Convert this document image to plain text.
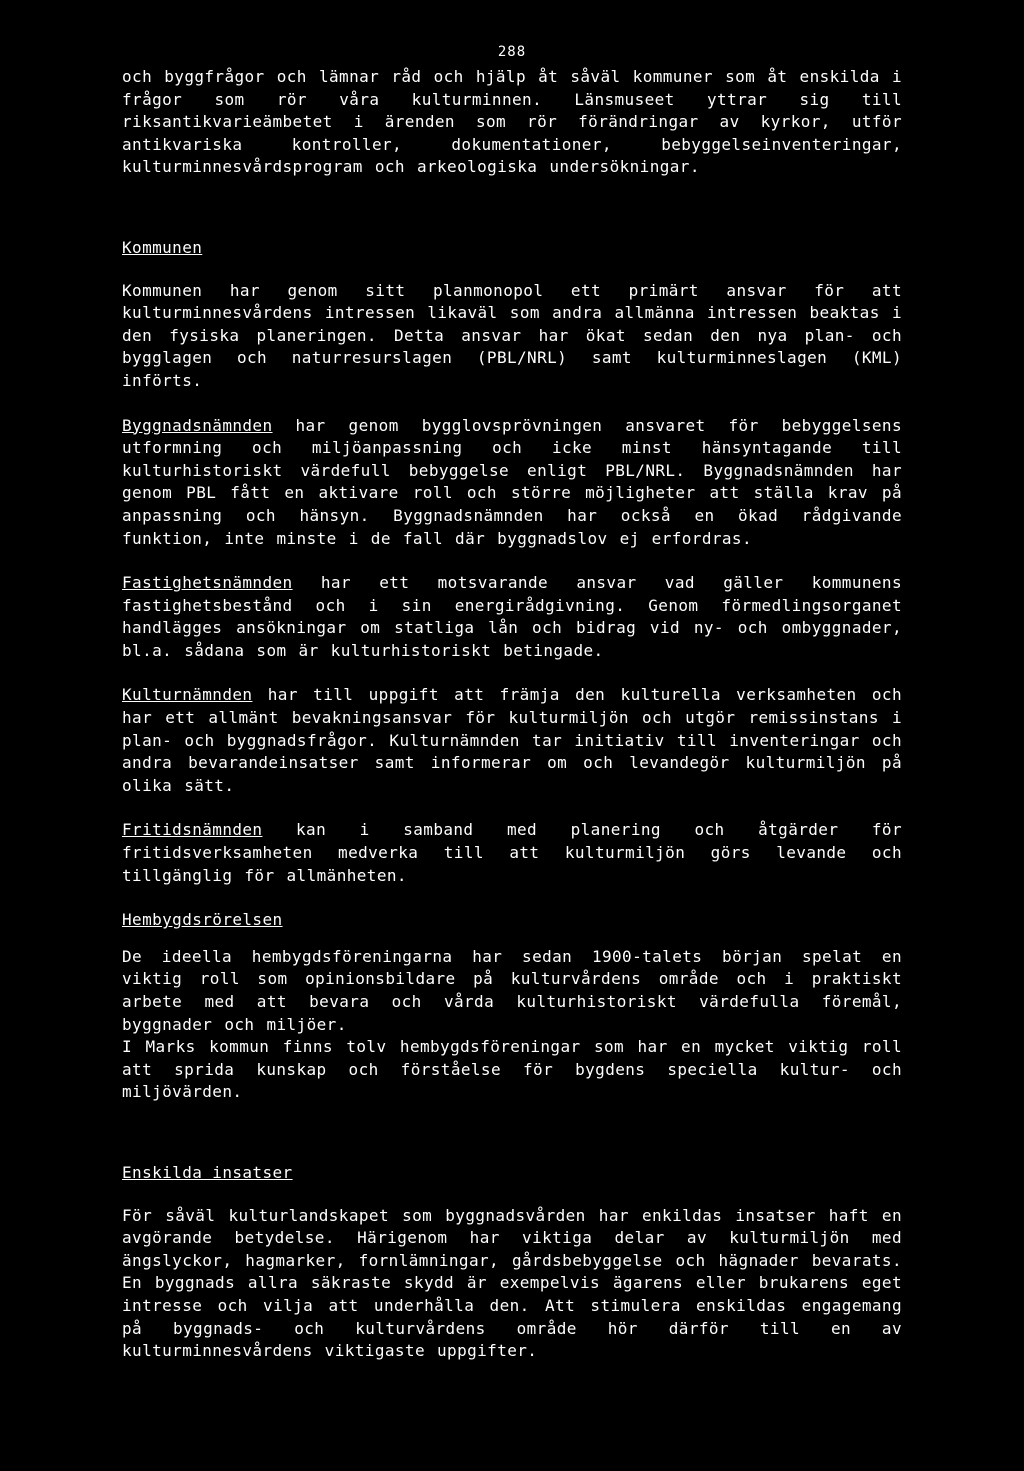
288

och byggfrågor och lämnar råd och hjälp åt såväl kommuner som åt enskilda i frågor som rör våra kulturminnen. Länsmuseet yttrar sig till riksantikvarieämbetet i ärenden som rör förändringar av kyrkor, utför antikvariska kontroller, dokumentationer, bebyggelseinventeringar, kulturminnesvårdsprogram och arkeologiska undersökningar.

Kommunen

Kommunen har genom sitt planmonopol ett primärt ansvar för att kulturminnesvårdens intressen likaväl som andra allmänna intressen beaktas i den fysiska planeringen. Detta ansvar har ökat sedan den nya plan- och bygglagen och naturresurslagen (PBL/NRL) samt kulturminneslagen (KML) införts.

Byggnadsnämnden har genom bygglovsprövningen ansvaret för bebyggelsens utformning och miljöanpassning och icke minst hänsyntagande till kulturhistoriskt värdefull bebyggelse enligt PBL/NRL. Byggnadsnämnden har genom PBL fått en aktivare roll och större möjligheter att ställa krav på anpassning och hänsyn. Byggnadsnämnden har också en ökad rådgivande funktion, inte minste i de fall där byggnadslov ej erfordras.

Fastighetsnämnden har ett motsvarande ansvar vad gäller kommunens fastighetsbestånd och i sin energirådgivning. Genom förmedlingsorganet handlägges ansökningar om statliga lån och bidrag vid ny- och ombyggnader, bl.a. sådana som är kulturhistoriskt betingade.

Kulturnämnden har till uppgift att främja den kulturella verksamheten och har ett allmänt bevakningsansvar för kulturmiljön och utgör remissinstans i plan- och byggnadsfrågor. Kulturnämnden tar initiativ till inventeringar och andra bevarandeinsatser samt informerar om och levandegör kulturmiljön på olika sätt.

Fritidsnämnden kan i samband med planering och åtgärder för fritidsverksamheten medverka till att kulturmiljön görs levande och tillgänglig för allmänheten.

Hembygdsrörelsen

De ideella hembygdsföreningarna har sedan 1900-talets början spelat en viktig roll som opinionsbildare på kulturvårdens område och i praktiskt arbete med att bevara och vårda kulturhistoriskt värdefulla föremål, byggnader och miljöer.

I Marks kommun finns tolv hembygdsföreningar som har en mycket viktig roll att sprida kunskap och förståelse för bygdens speciella kultur- och miljövärden.

Enskilda insatser

För såväl kulturlandskapet som byggnadsvården har enkildas insatser haft en avgörande betydelse. Härigenom har viktiga delar av kulturmiljön med ängslyckor, hagmarker, fornlämningar, gårdsbebyggelse och hägnader bevarats. En byggnads allra säkraste skydd är exempelvis ägarens eller brukarens eget intresse och vilja att underhålla den. Att stimulera enskildas engagemang på byggnads- och kulturvårdens område hör därför till en av kulturminnesvårdens viktigaste uppgifter.
